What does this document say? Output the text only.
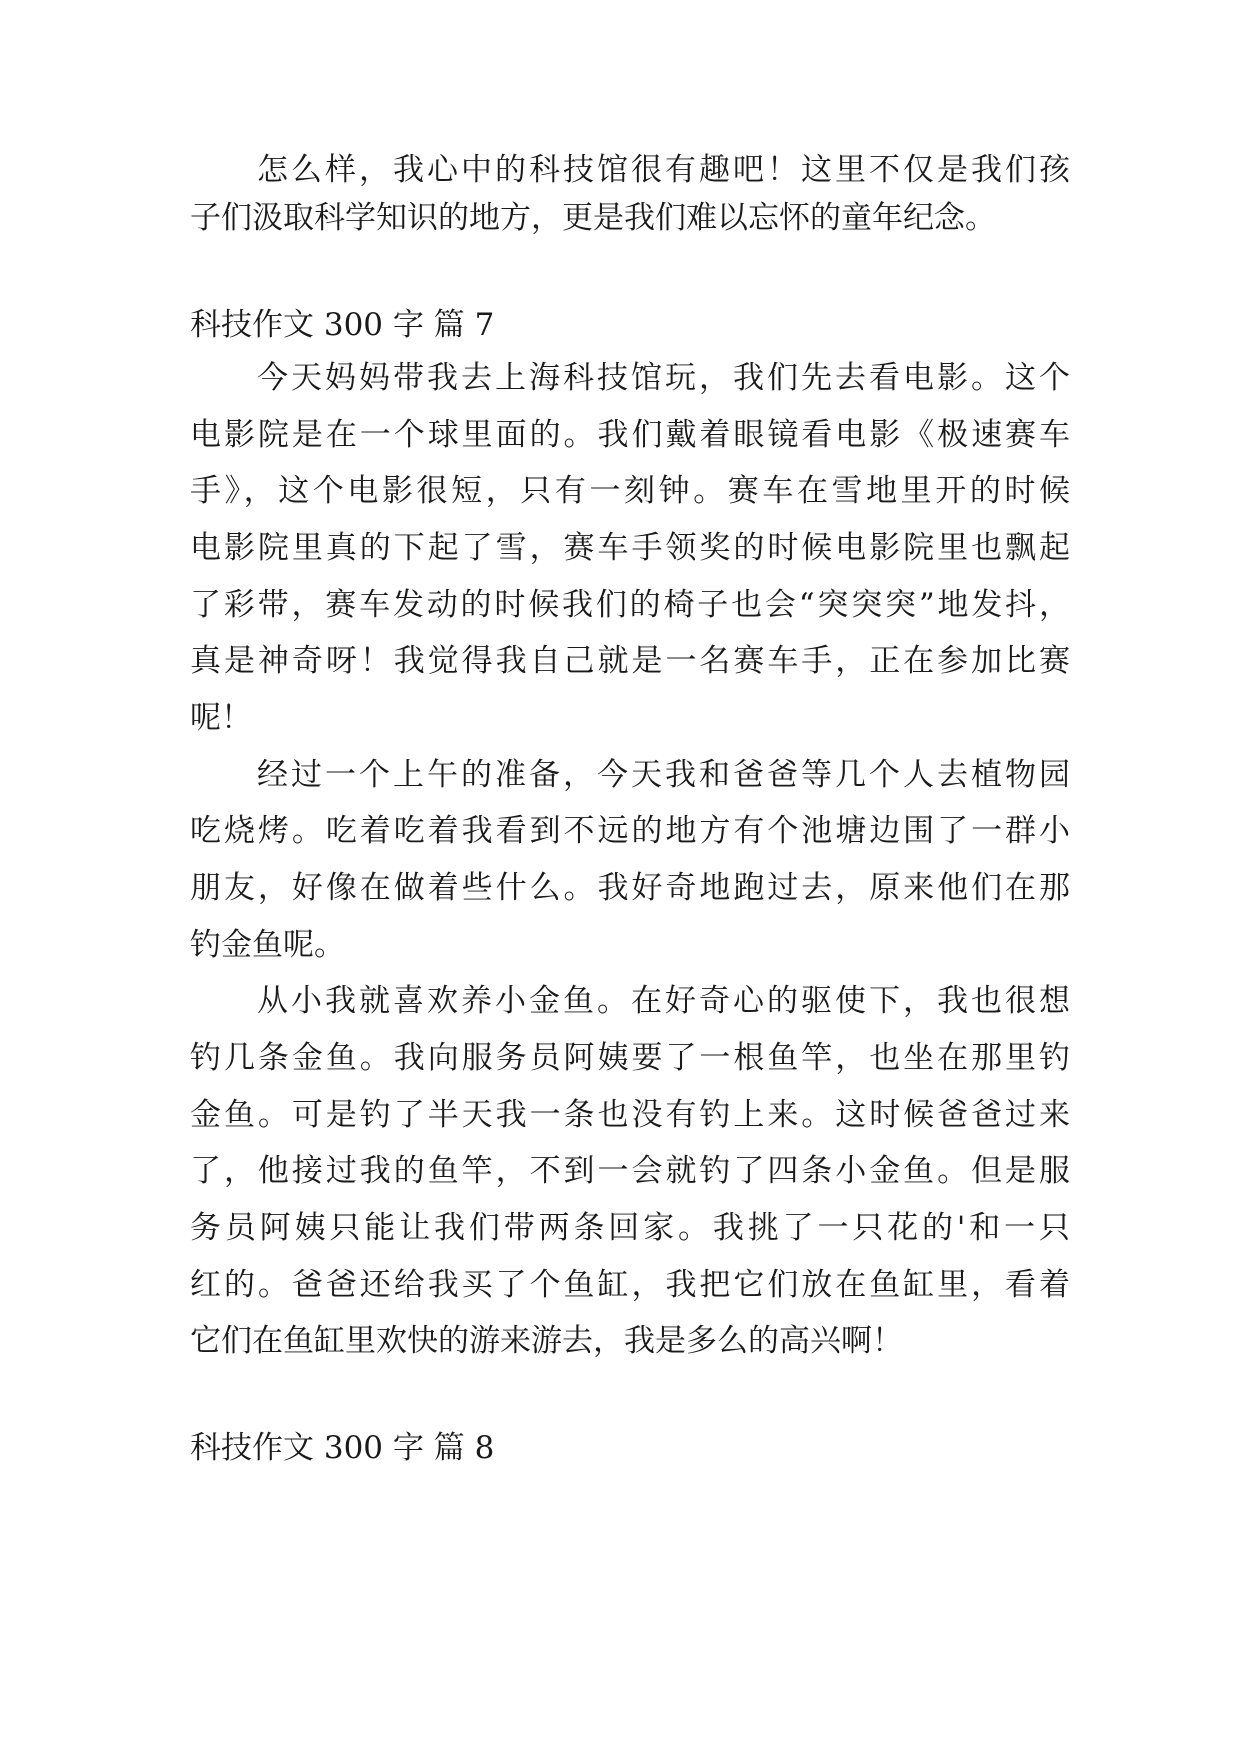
怎么样，我心中的科技馆很有趣吧！这里不仅是我们孩
子们汲取科学知识的地方，更是我们难以忘怀的童年纪念。
科技作文 300 字 篇 7
今天妈妈带我去上海科技馆玩，我们先去看电影。这个
电影院是在一个球里面的。我们戴着眼镜看电影《极速赛车
手》，这个电影很短，只有一刻钟。赛车在雪地里开的时候
电影院里真的下起了雪，赛车手领奖的时候电影院里也飘起
了彩带，赛车发动的时候我们的椅子也会“突突突”地发抖，
真是神奇呀！我觉得我自己就是一名赛车手，正在参加比赛
呢！
经过一个上午的准备，今天我和爸爸等几个人去植物园
吃烧烤。吃着吃着我看到不远的地方有个池塘边围了一群小
朋友，好像在做着些什么。我好奇地跑过去，原来他们在那
钓金鱼呢。
从小我就喜欢养小金鱼。在好奇心的驱使下，我也很想
钓几条金鱼。我向服务员阿姨要了一根鱼竿，也坐在那里钓
金鱼。可是钓了半天我一条也没有钓上来。这时候爸爸过来
了，他接过我的鱼竿，不到一会就钓了四条小金鱼。但是服
务员阿姨只能让我们带两条回家。我挑了一只花的'和一只
红的。爸爸还给我买了个鱼缸，我把它们放在鱼缸里，看着
它们在鱼缸里欢快的游来游去，我是多么的高兴啊！
科技作文 300 字 篇 8
